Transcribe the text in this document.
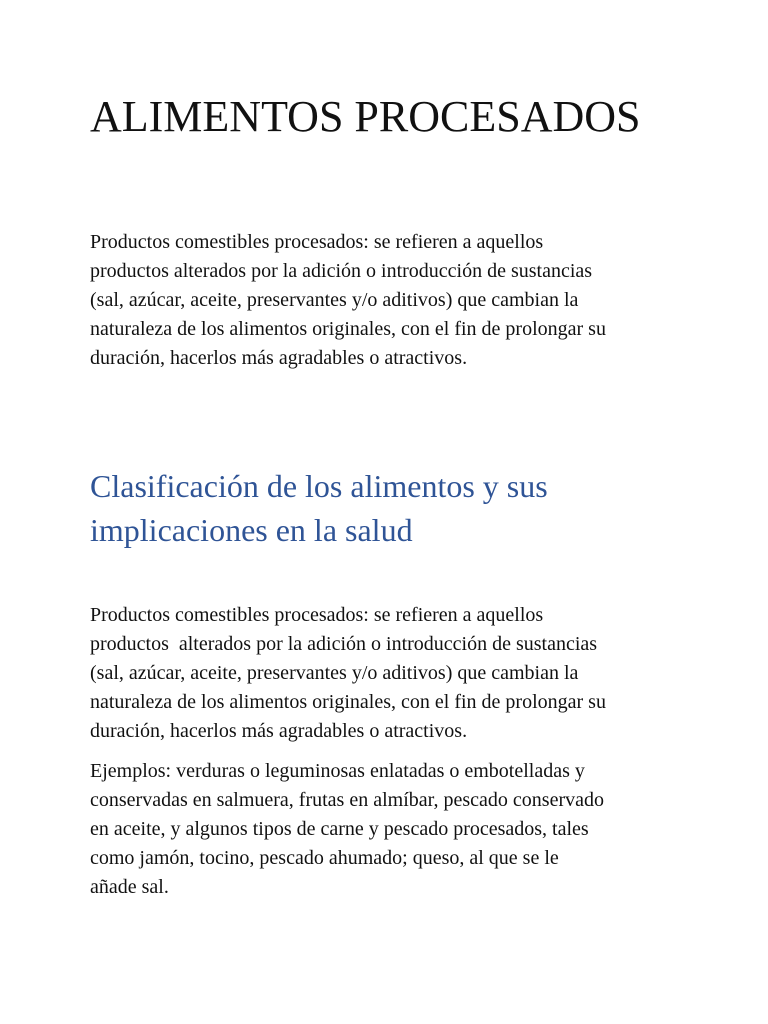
ALIMENTOS PROCESADOS

Productos comestibles procesados: se refieren a aquellos
productos alterados por la adición o introducción de sustancias
(sal, azúcar, aceite, preservantes y/o aditivos) que cambian la
naturaleza de los alimentos originales, con el fin de prolongar su
duración, hacerlos más agradables o atractivos.

Clasificación de los alimentos y sus
implicaciones en la salud

Productos comestibles procesados: se refieren a aquellos
productos  alterados por la adición o introducción de sustancias
(sal, azúcar, aceite, preservantes y/o aditivos) que cambian la
naturaleza de los alimentos originales, con el fin de prolongar su
duración, hacerlos más agradables o atractivos.

Ejemplos: verduras o leguminosas enlatadas o embotelladas y
conservadas en salmuera, frutas en almíbar, pescado conservado
en aceite, y algunos tipos de carne y pescado procesados, tales
como jamón, tocino, pescado ahumado; queso, al que se le
añade sal.
